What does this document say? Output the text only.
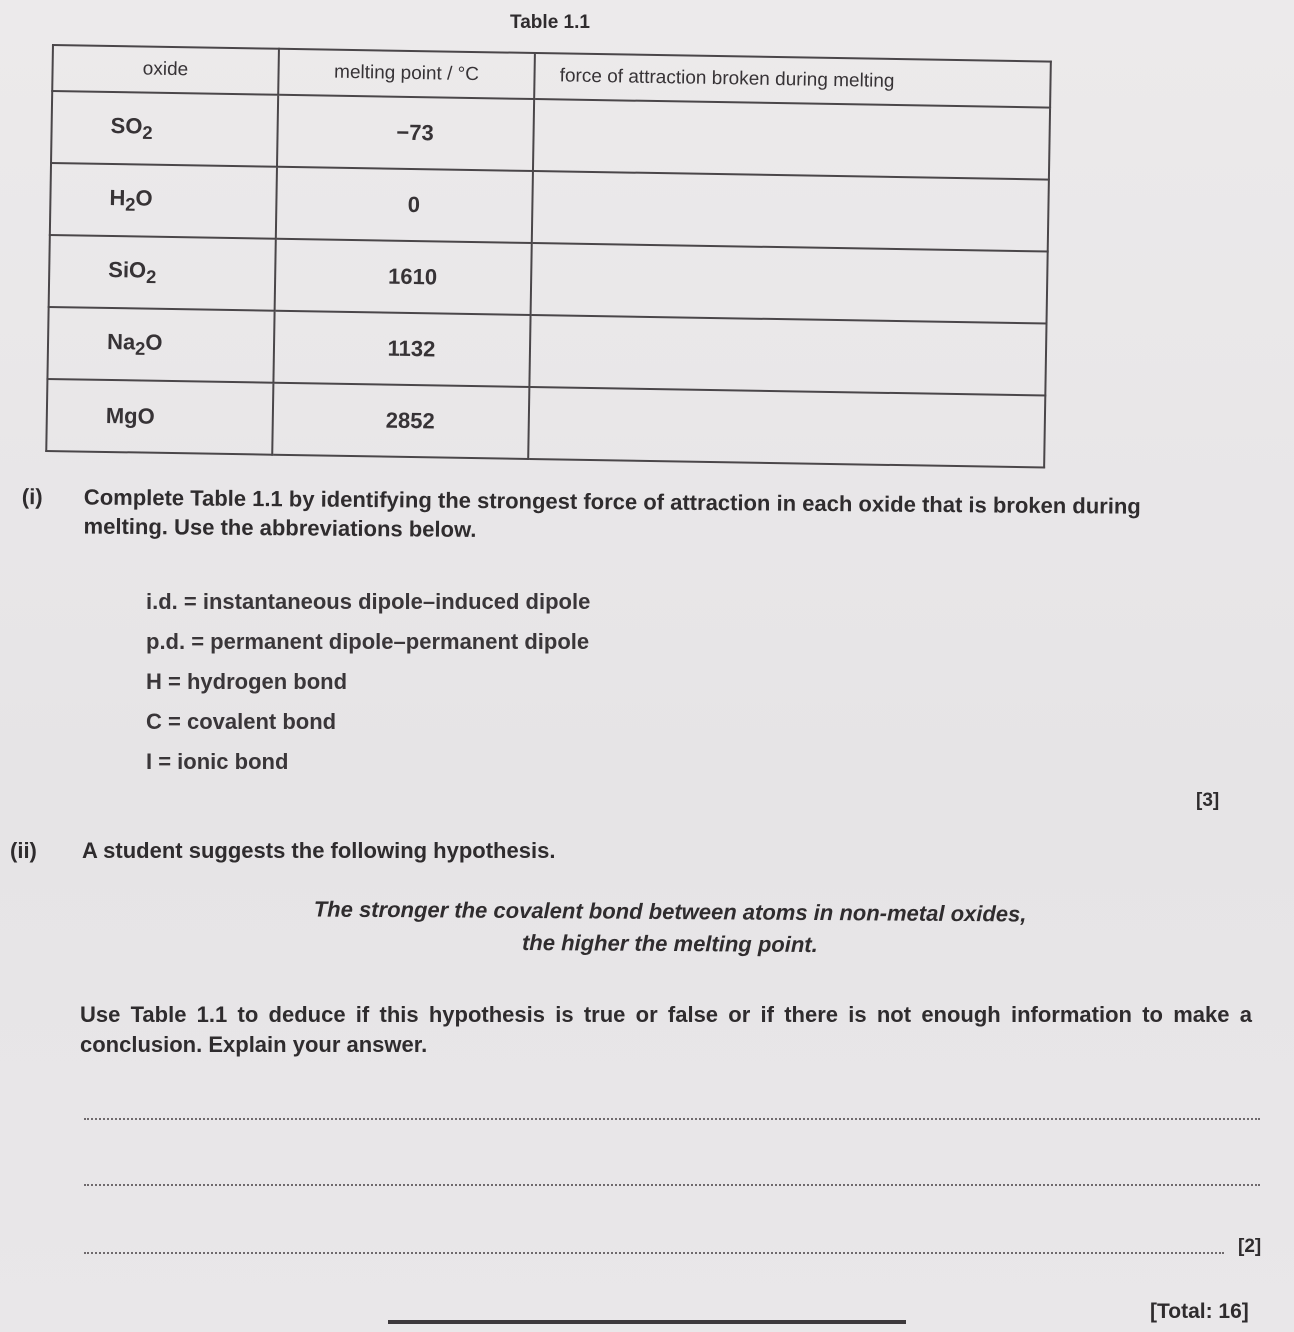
Table 1.1
oxide	melting point / °C	force of attraction broken during melting
$SO_2$	−73	
$H_2O$	0	
SiO$_2$	1610	
$Na_2O$	1132	
MgO	2852	
(i) Complete Table 1.1 by identifying the strongest force of attraction in each oxide that is broken during melting. Use the abbreviations below.
i.d. = instantaneous dipole–induced dipole
p.d. = permanent dipole–permanent dipole
H = hydrogen bond
C = covalent bond
I = ionic bond
[3]
(ii) A student suggests the following hypothesis.
The stronger the covalent bond between atoms in non-metal oxides,
the higher the melting point.
Use Table 1.1 to deduce if this hypothesis is true or false or if there is not enough information to make a conclusion. Explain your answer.
[2]
[Total: 16]
